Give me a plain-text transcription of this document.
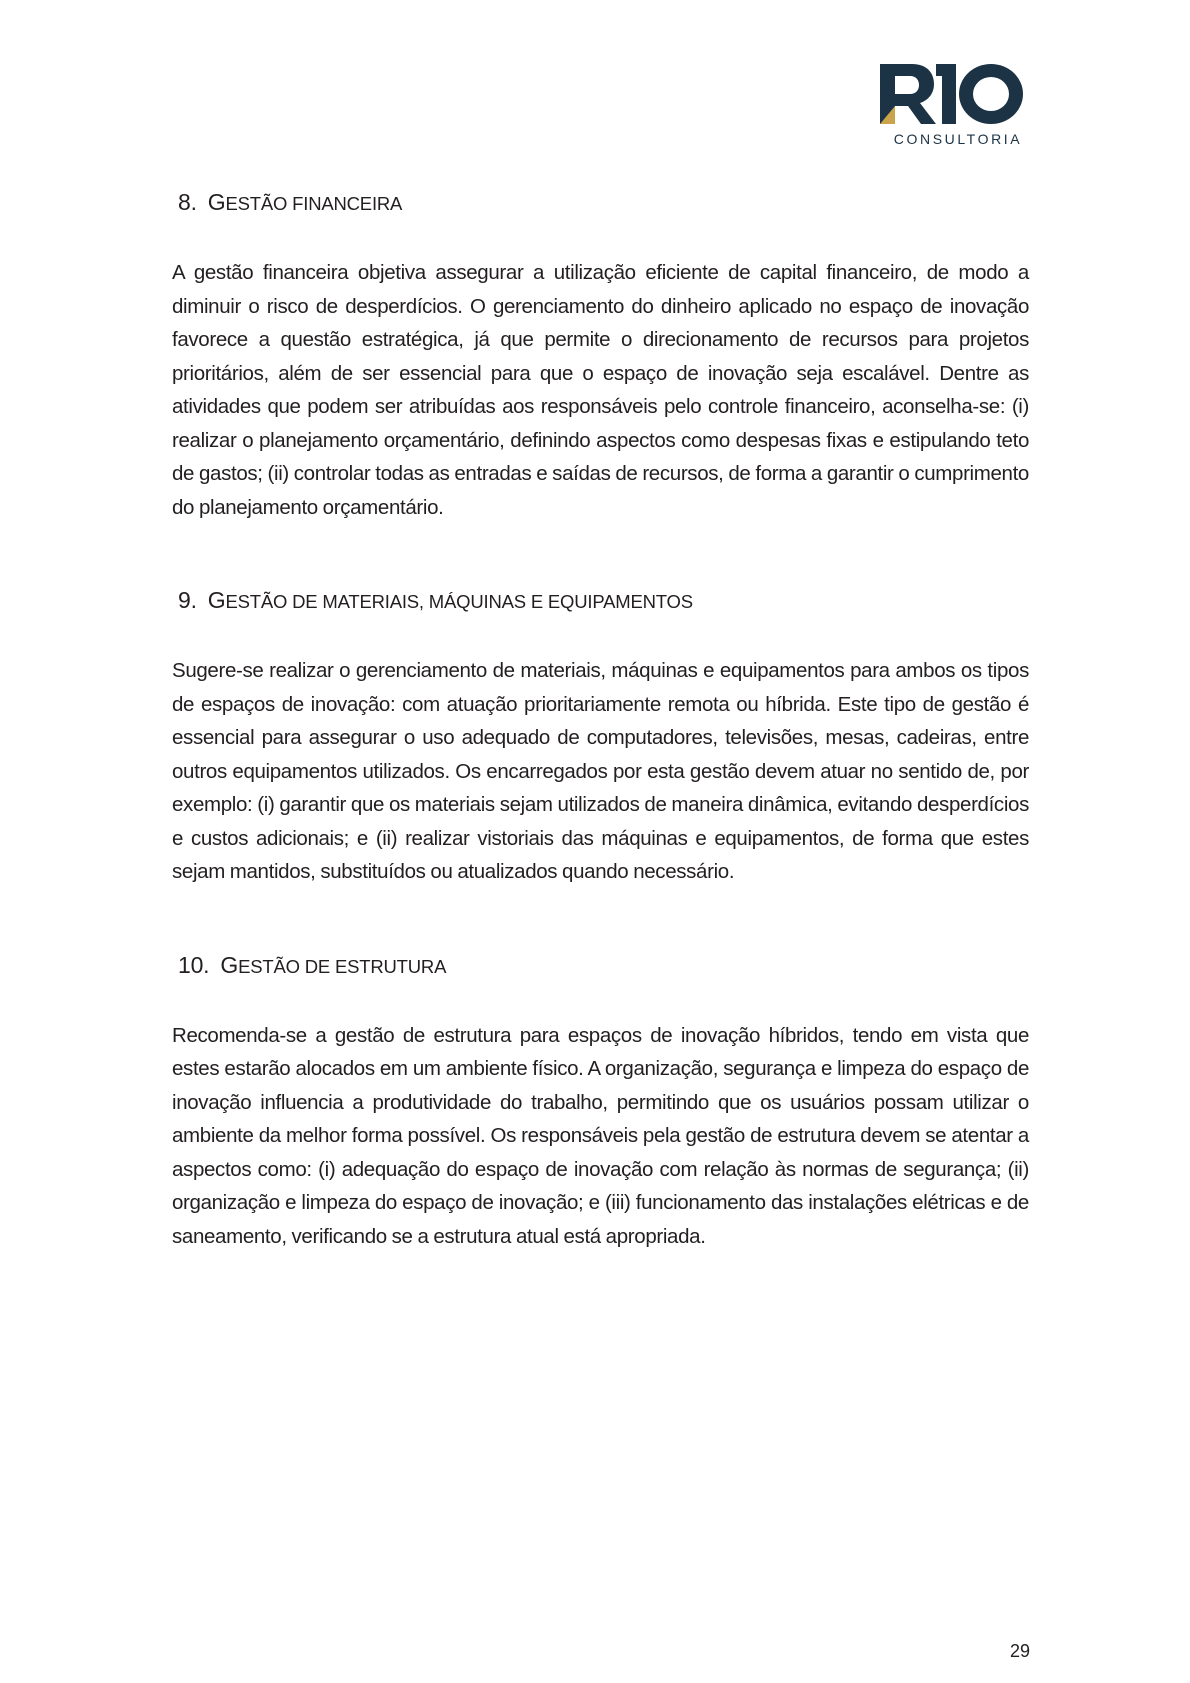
CONSULTORIA
8. GESTÃO FINANCEIRA

A gestão financeira objetiva assegurar a utilização eficiente de capital financeiro, de modo a diminuir o risco de desperdícios. O gerenciamento do dinheiro aplicado no espaço de inovação favorece a questão estratégica, já que permite o direcionamento de recursos para projetos prioritários, além de ser essencial para que o espaço de inovação seja escalável. Dentre as atividades que podem ser atribuídas aos responsáveis pelo controle financeiro, aconselha-se: (i) realizar o planejamento orçamentário, definindo aspectos como despesas fixas e estipulando teto de gastos; (ii) controlar todas as entradas e saídas de recursos, de forma a garantir o cumprimento do planejamento orçamentário.

9. GESTÃO DE MATERIAIS, MÁQUINAS E EQUIPAMENTOS

Sugere-se realizar o gerenciamento de materiais, máquinas e equipamentos para ambos os tipos de espaços de inovação: com atuação prioritariamente remota ou híbrida. Este tipo de gestão é essencial para assegurar o uso adequado de computadores, televisões, mesas, cadeiras, entre outros equipamentos utilizados. Os encarregados por esta gestão devem atuar no sentido de, por exemplo: (i) garantir que os materiais sejam utilizados de maneira dinâmica, evitando desperdícios e custos adicionais; e (ii) realizar vistoriais das máquinas e equipamentos, de forma que estes sejam mantidos, substituídos ou atualizados quando necessário.

10. GESTÃO DE ESTRUTURA

Recomenda-se a gestão de estrutura para espaços de inovação híbridos, tendo em vista que estes estarão alocados em um ambiente físico. A organização, segurança e limpeza do espaço de inovação influencia a produtividade do trabalho, permitindo que os usuários possam utilizar o ambiente da melhor forma possível. Os responsáveis pela gestão de estrutura devem se atentar a aspectos como: (i) adequação do espaço de inovação com relação às normas de segurança; (ii) organização e limpeza do espaço de inovação; e (iii) funcionamento das instalações elétricas e de saneamento, verificando se a estrutura atual está apropriada.

29
